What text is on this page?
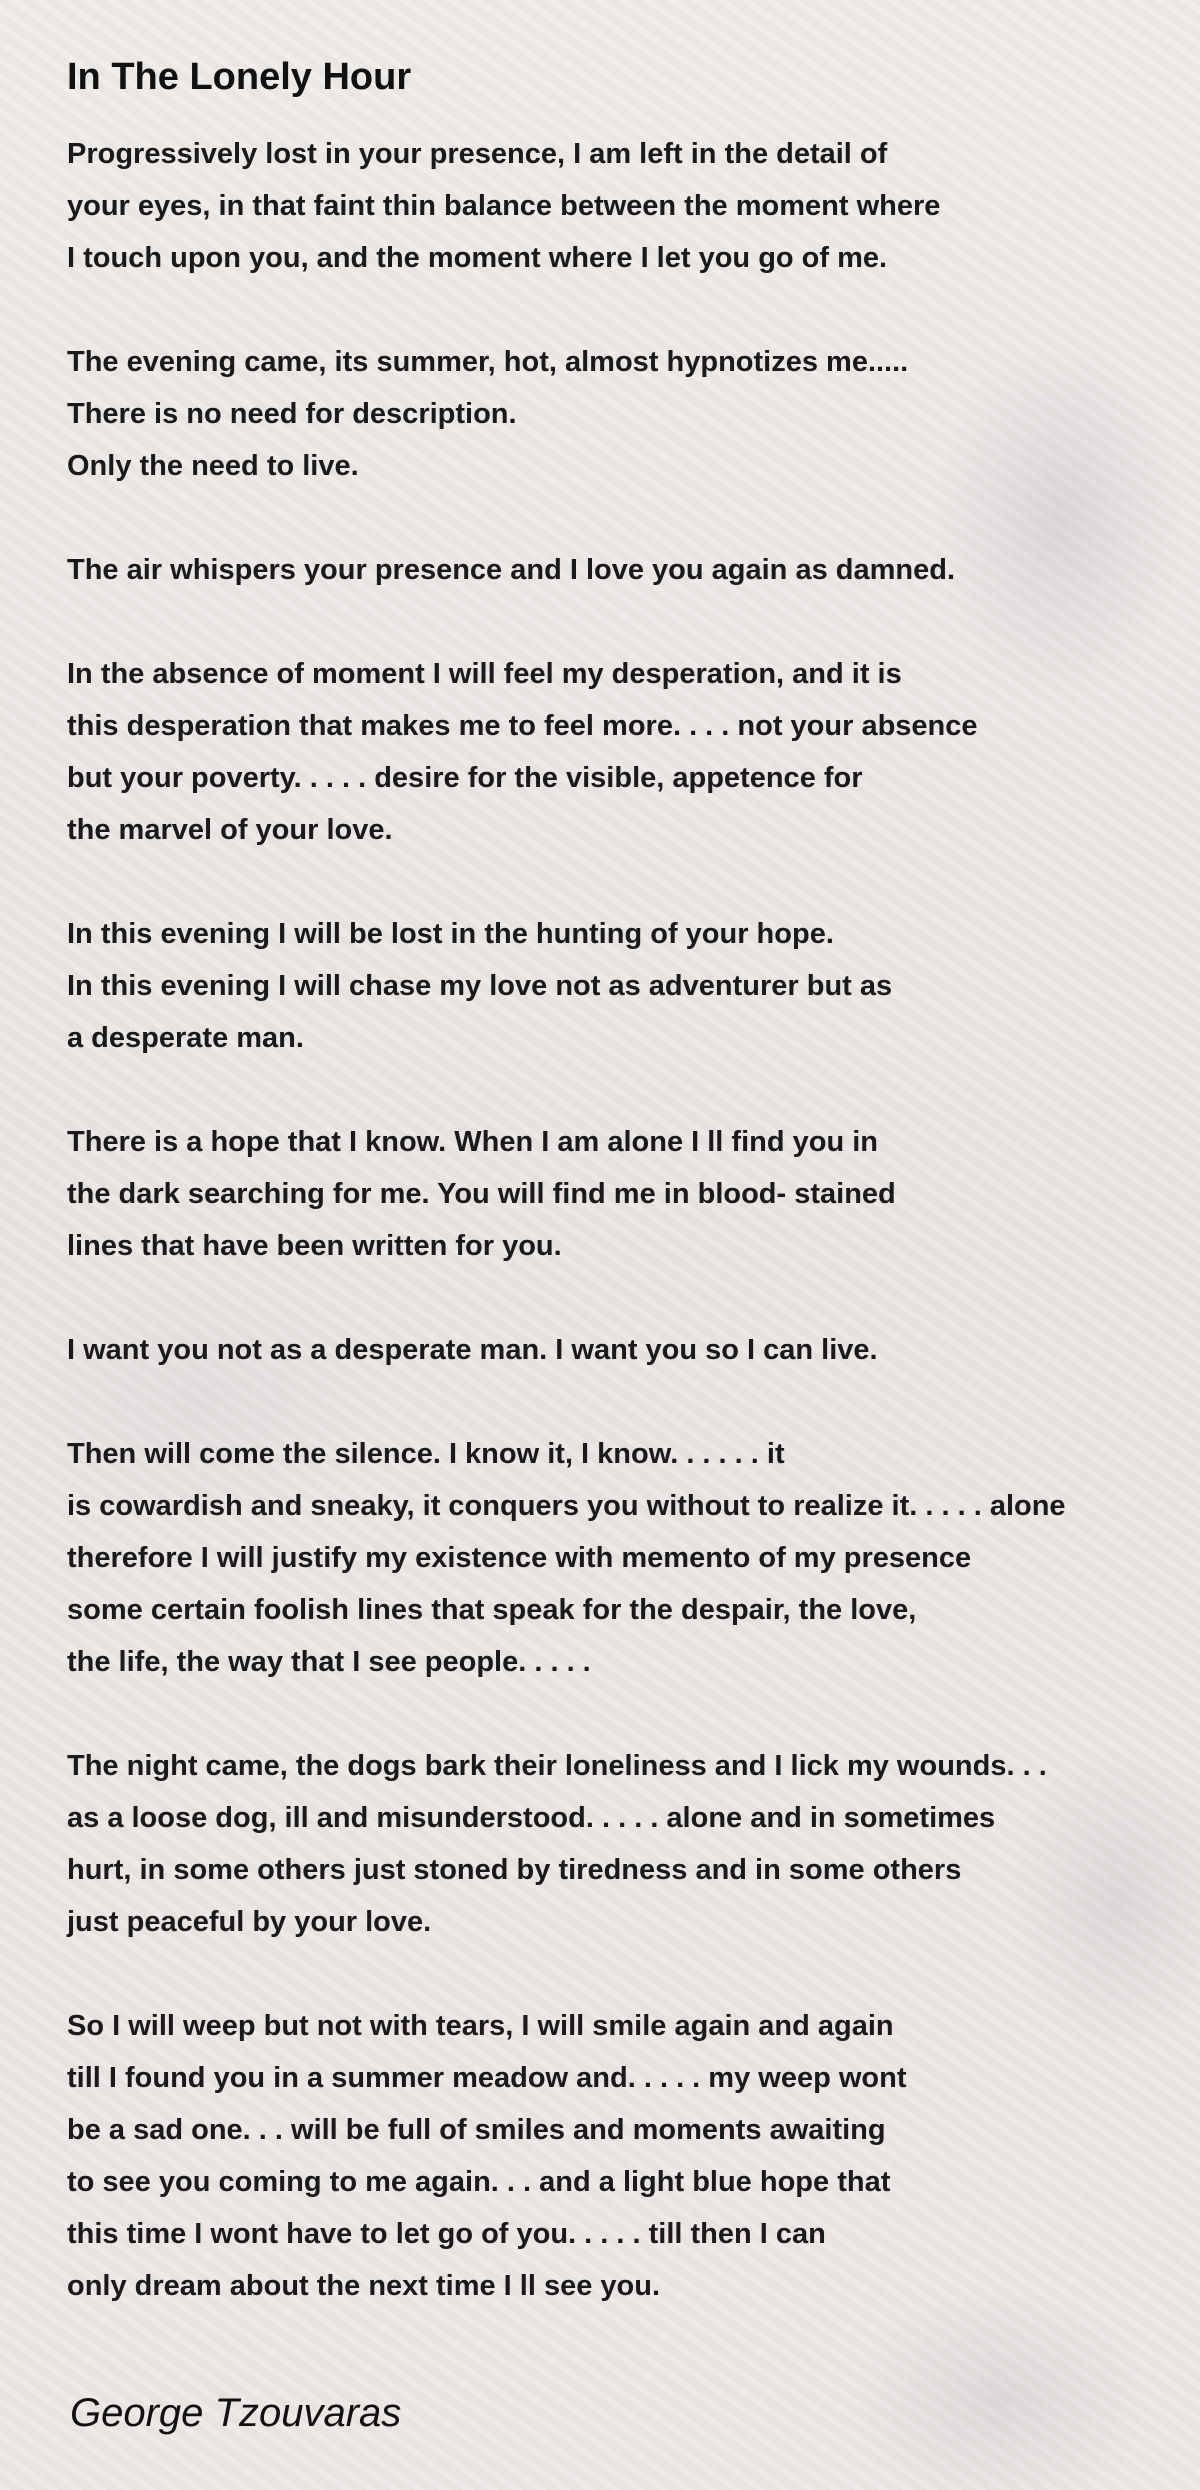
In The Lonely Hour
Progressively lost in your presence, I am left in the detail of
your eyes, in that faint thin balance between the moment where
I touch upon you, and the moment where I let you go of me.
The evening came, its summer, hot, almost hypnotizes me.....
There is no need for description.
Only the need to live.
The air whispers your presence and I love you again as damned.
In the absence of moment I will feel my desperation, and it is
this desperation that makes me to feel more. . . . not your absence
but your poverty. . . . . desire for the visible, appetence for
the marvel of your love.
In this evening I will be lost in the hunting of your hope.
In this evening I will chase my love not as adventurer but as
a desperate man.
There is a hope that I know. When I am alone I ll find you in
the dark searching for me. You will find me in blood- stained
lines that have been written for you.
I want you not as a desperate man. I want you so I can live.
Then will come the silence. I know it, I know. . . . . . it
is cowardish and sneaky, it conquers you without to realize it. . . . . alone
therefore I will justify my existence with memento of my presence
some certain foolish lines that speak for the despair, the love,
the life, the way that I see people. . . . .
The night came, the dogs bark their loneliness and I lick my wounds. . .
as a loose dog, ill and misunderstood. . . . . alone and in sometimes
hurt, in some others just stoned by tiredness and in some others
just peaceful by your love.
So I will weep but not with tears, I will smile again and again
till I found you in a summer meadow and. . . . . my weep wont
be a sad one. . . will be full of smiles and moments awaiting
to see you coming to me again. . . and a light blue hope that
this time I wont have to let go of you. . . . . till then I can
only dream about the next time I ll see you.
George Tzouvaras
